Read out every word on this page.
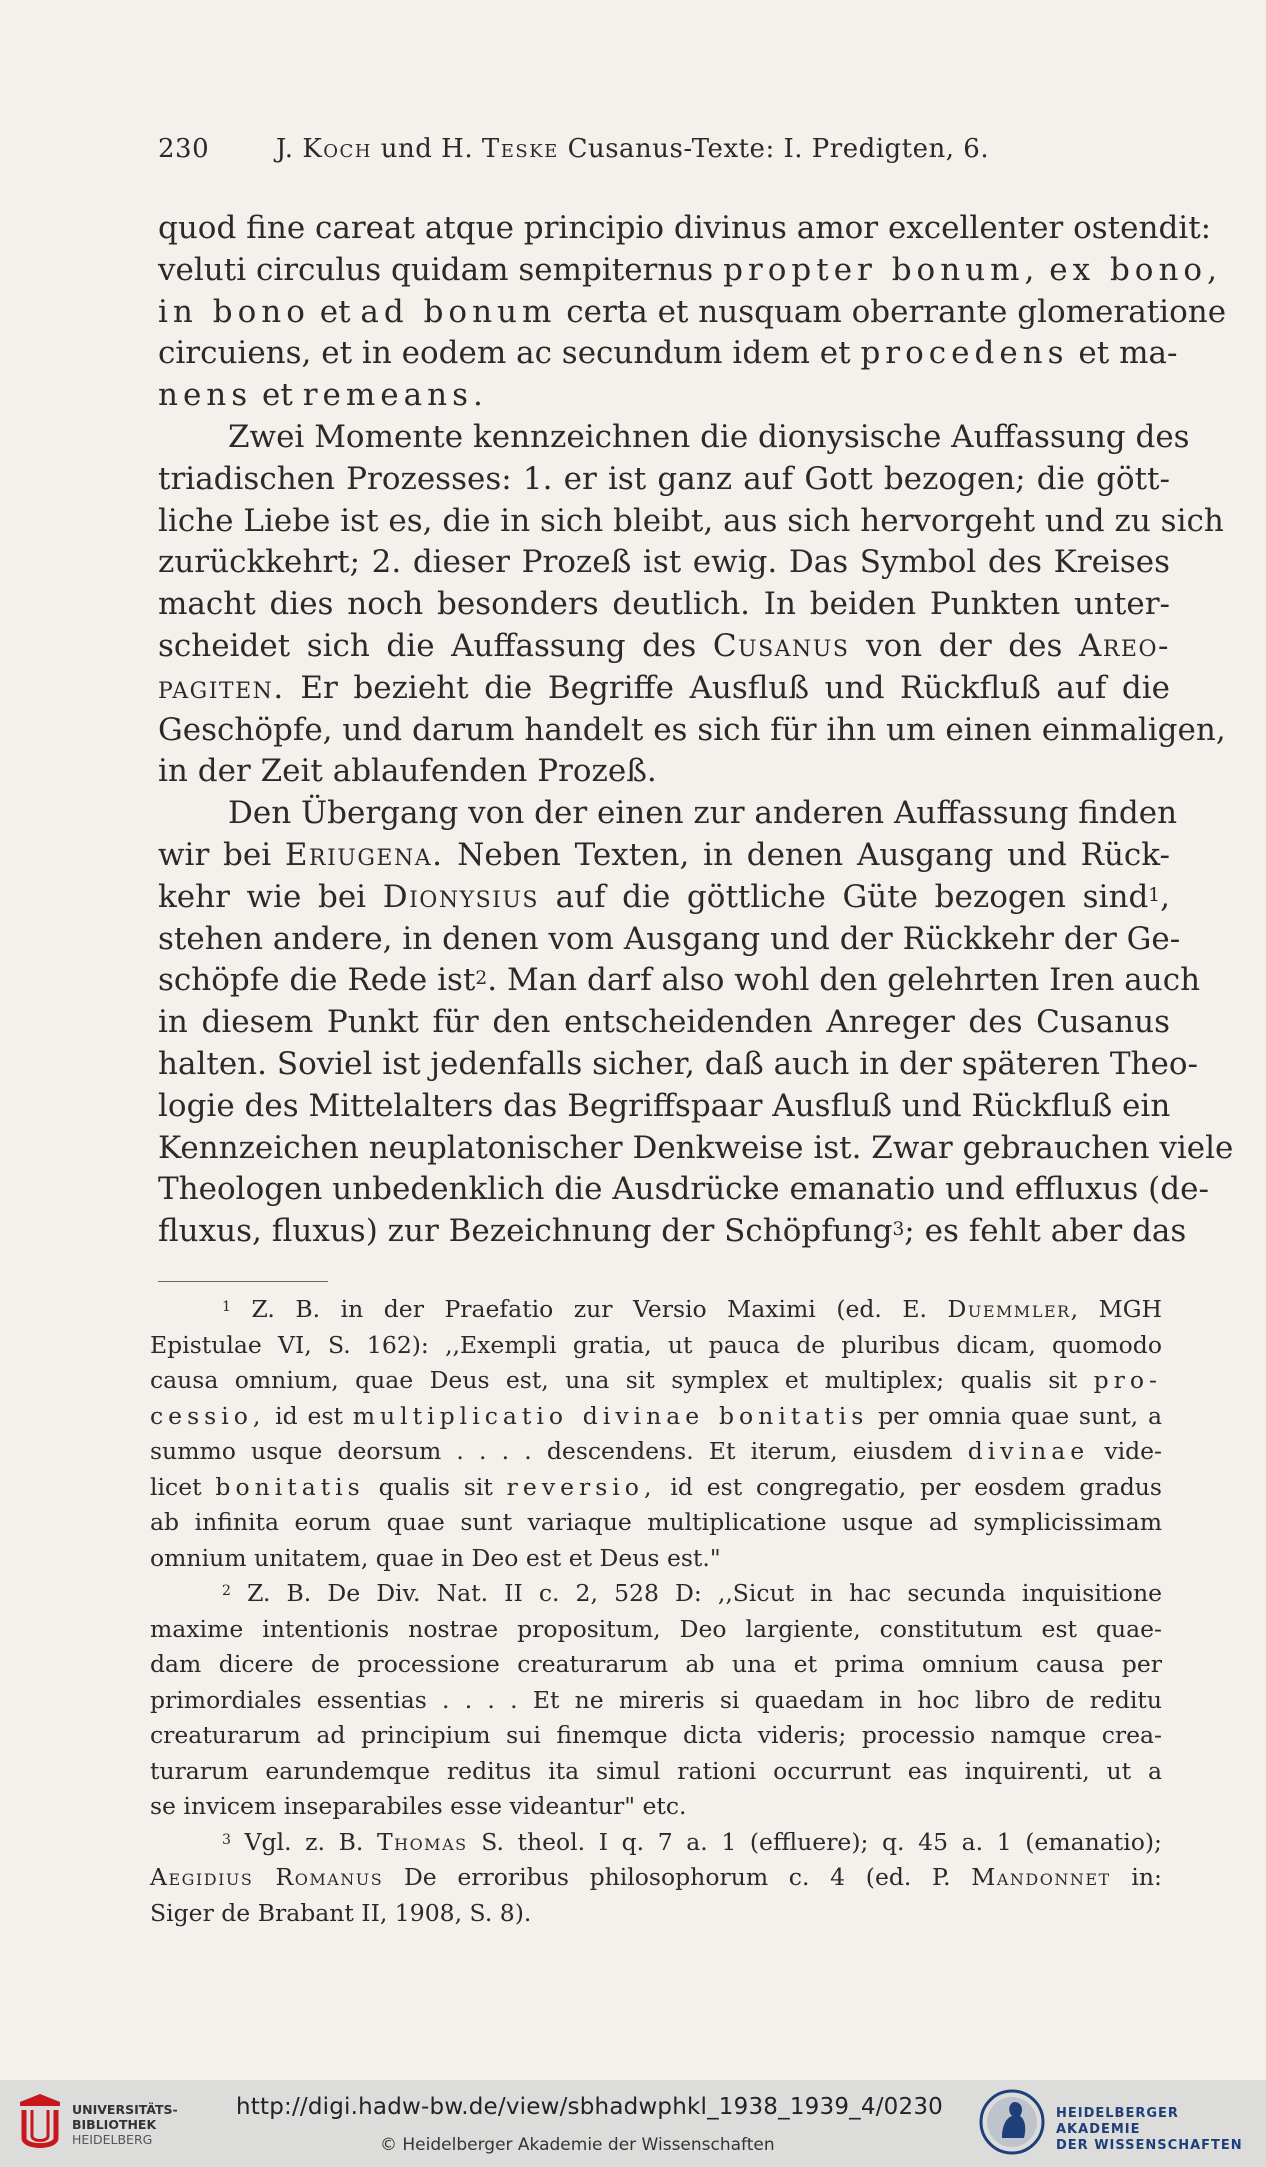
230	J. Koch und H. Teske Cusanus-Texte: I. Predigten, 6.
quod fine careat atque principio divinus amor excellenter ostendit:
veluti circulus quidam sempiternus propter bonum, ex bono,
in bono et ad bonum certa et nusquam oberrante glomeratione
circuiens, et in eodem ac secundum idem et procedens et ma-
nens et remeans.
Zwei Momente kennzeichnen die dionysische Auffassung des
triadischen Prozesses: 1. er ist ganz auf Gott bezogen; die gött-
liche Liebe ist es, die in sich bleibt, aus sich hervorgeht und zu sich
zurückkehrt; 2. dieser Prozeß ist ewig. Das Symbol des Kreises
macht dies noch besonders deutlich. In beiden Punkten unter-
scheidet sich die Auffassung des Cusanus von der des Areo-
pagiten. Er bezieht die Begriffe Ausfluß und Rückfluß auf die
Geschöpfe, und darum handelt es sich für ihn um einen einmaligen,
in der Zeit ablaufenden Prozeß.
Den Übergang von der einen zur anderen Auffassung finden
wir bei Eriugena. Neben Texten, in denen Ausgang und Rück-
kehr wie bei Dionysius auf die göttliche Güte bezogen sind$^1$,
stehen andere, in denen vom Ausgang und der Rückkehr der Ge-
schöpfe die Rede ist$^2$. Man darf also wohl den gelehrten Iren auch
in diesem Punkt für den entscheidenden Anreger des Cusanus
halten. Soviel ist jedenfalls sicher, daß auch in der späteren Theo-
logie des Mittelalters das Begriffspaar Ausfluß und Rückfluß ein
Kennzeichen neuplatonischer Denkweise ist. Zwar gebrauchen viele
Theologen unbedenklich die Ausdrücke emanatio und effluxus (de-
fluxus, fluxus) zur Bezeichnung der Schöpfung$^3$; es fehlt aber das
$^1$ Z. B. in der Praefatio zur Versio Maximi (ed. E. Duemmler, MGH
Epistulae VI, S. 162): ,,Exempli gratia, ut pauca de pluribus dicam, quomodo
causa omnium, quae Deus est, una sit symplex et multiplex; qualis sit pro-
cessio, id est multiplicatio divinae bonitatis per omnia quae sunt, a
summo usque deorsum . . . . descendens. Et iterum, eiusdem divinae vide-
licet bonitatis qualis sit reversio, id est congregatio, per eosdem gradus
ab infinita eorum quae sunt variaque multiplicatione usque ad symplicissimam
omnium unitatem, quae in Deo est et Deus est."
$^2$ Z. B. De Div. Nat. II c. 2, 528 D: ,,Sicut in hac secunda inquisitione
maxime intentionis nostrae propositum, Deo largiente, constitutum est quae-
dam dicere de processione creaturarum ab una et prima omnium causa per
primordiales essentias . . . . Et ne mireris si quaedam in hoc libro de reditu
creaturarum ad principium sui finemque dicta videris; processio namque crea-
turarum earundemque reditus ita simul rationi occurrunt eas inquirenti, ut a
se invicem inseparabiles esse videantur" etc.
$^3$ Vgl. z. B. Thomas S. theol. I q. 7 a. 1 (effluere); q. 45 a. 1 (emanatio);
Aegidius Romanus De erroribus philosophorum c. 4 (ed. P. Mandonnet in:
Siger de Brabant II, 1908, S. 8).
UNIVERSITÄTS-
BIBLIOTHEK
HEIDELBERG
http://digi.hadw-bw.de/view/sbhadwphkl_1938_1939_4/0230
© Heidelberger Akademie der Wissenschaften
HEIDELBERGER AKADEMIE
DER WISSENSCHAFTEN
